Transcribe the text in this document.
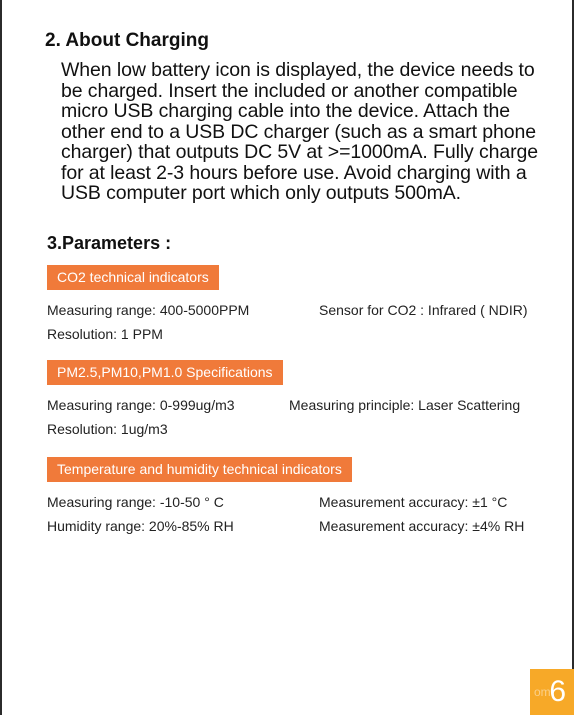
2. About Charging
When low battery icon is displayed, the device needs to
be charged. Insert the included or another compatible
micro USB charging cable into the device. Attach the
other end to a USB DC charger (such as a smart phone
charger) that outputs DC 5V at >=1000mA. Fully charge
for at least 2-3 hours before use. Avoid charging with a
USB computer port which only outputs 500mA.
3.Parameters :
CO2 technical indicators
Measuring range: 400-5000PPM	Sensor for CO2 : Infrared ( NDIR)
Resolution: 1 PPM
PM2.5,PM10,PM1.0 Specifications
Measuring range: 0-999ug/m3	Measuring principle: Laser Scattering
Resolution: 1ug/m3
Temperature and humidity technical indicators
Measuring range: -10-50 ° C	Measurement accuracy: ±1 °C
Humidity range: 20%-85% RH	Measurement accuracy: ±4% RH
om
6
